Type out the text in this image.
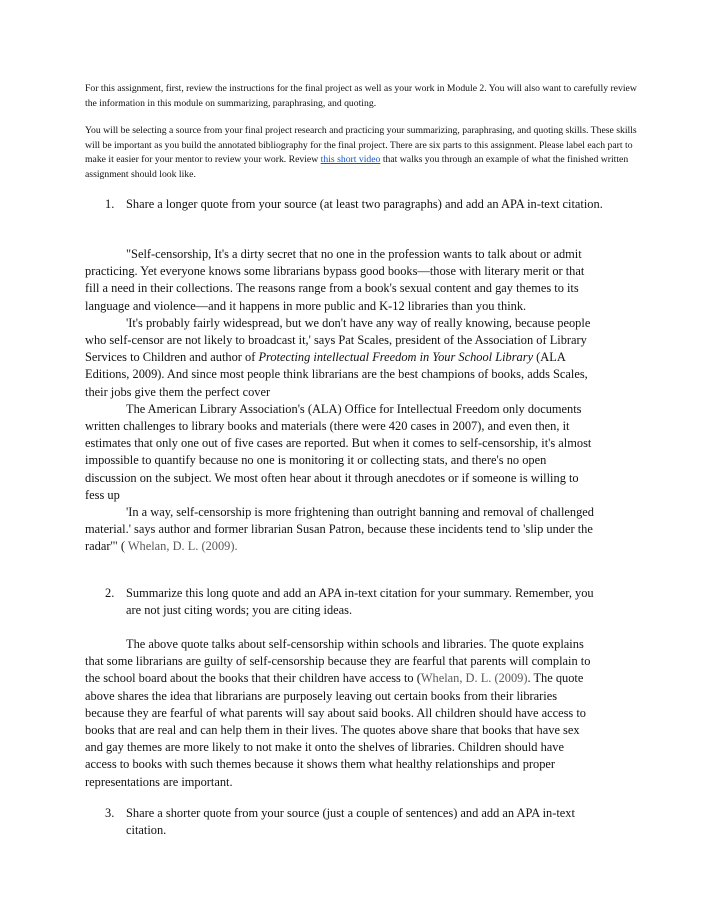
For this assignment, first, review the instructions for the final project as well as your work in Module 2. You will also want to carefully review the information in this module on summarizing, paraphrasing, and quoting.

You will be selecting a source from your final project research and practicing your summarizing, paraphrasing, and quoting skills. These skills will be important as you build the annotated bibliography for the final project. There are six parts to this assignment. Please label each part to make it easier for your mentor to review your work. Review this short video that walks you through an example of what the finished written assignment should look like.

1. Share a longer quote from your source (at least two paragraphs) and add an APA in-text citation.

"Self-censorship, It's a dirty secret that no one in the profession wants to talk about or admit practicing. Yet everyone knows some librarians bypass good books—those with literary merit or that fill a need in their collections. The reasons range from a book's sexual content and gay themes to its language and violence—and it happens in more public and K-12 libraries than you think.

'It's probably fairly widespread, but we don't have any way of really knowing, because people who self-censor are not likely to broadcast it,' says Pat Scales, president of the Association of Library Services to Children and author of Protecting intellectual Freedom in Your School Library (ALA Editions, 2009). And since most people think librarians are the best champions of books, adds Scales, their jobs give them the perfect cover

The American Library Association's (ALA) Office for Intellectual Freedom only documents written challenges to library books and materials (there were 420 cases in 2007), and even then, it estimates that only one out of five cases are reported. But when it comes to self-censorship, it's almost impossible to quantify because no one is monitoring it or collecting stats, and there's no open discussion on the subject. We most often hear about it through anecdotes or if someone is willing to fess up

'In a way, self-censorship is more frightening than outright banning and removal of challenged material.' says author and former librarian Susan Patron, because these incidents tend to 'slip under the radar'" ( Whelan, D. L. (2009).

2. Summarize this long quote and add an APA in-text citation for your summary. Remember, you are not just citing words; you are citing ideas.

The above quote talks about self-censorship within schools and libraries. The quote explains that some librarians are guilty of self-censorship because they are fearful that parents will complain to the school board about the books that their children have access to (Whelan, D. L. (2009). The quote above shares the idea that librarians are purposely leaving out certain books from their libraries because they are fearful of what parents will say about said books. All children should have access to books that are real and can help them in their lives. The quotes above share that books that have sex and gay themes are more likely to not make it onto the shelves of libraries. Children should have access to books with such themes because it shows them what healthy relationships and proper representations are important.

3. Share a shorter quote from your source (just a couple of sentences) and add an APA in-text citation.
